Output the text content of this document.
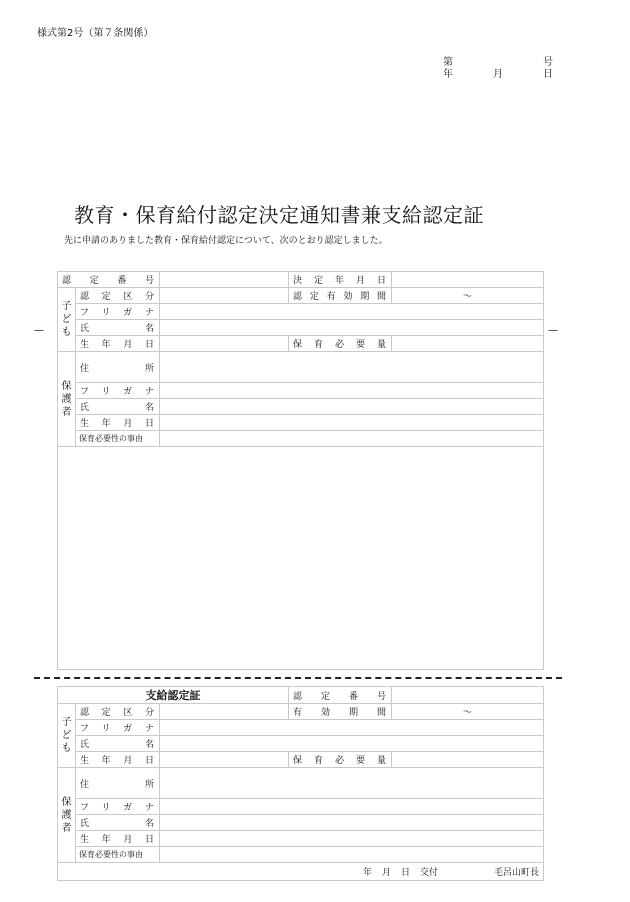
様式第2号（第７条関係）
第	号
年	月	日
教育・保育給付認定決定通知書兼支給認定証
先に申請のありました教育・保育給付認定について、次のとおり認定しました。
認定番号			決定年月日	

子ども	認定区分		認定有効期間	～
	フリガナ			
	氏名			
	生年月日		保育必要量	

保護者	住所			
	フリガナ			
	氏名			
	生年月日			
	保育必要性の事由			
—	—
支給認定証			認定番号	

子ども	認定区分		有効期間	～
	フリガナ			
	氏名			
	生年月日		保育必要量	

保護者	住所			
	フリガナ			
	氏名			
	生年月日			
	保育必要性の事由			

年 月 日 交付 毛呂山町長				
